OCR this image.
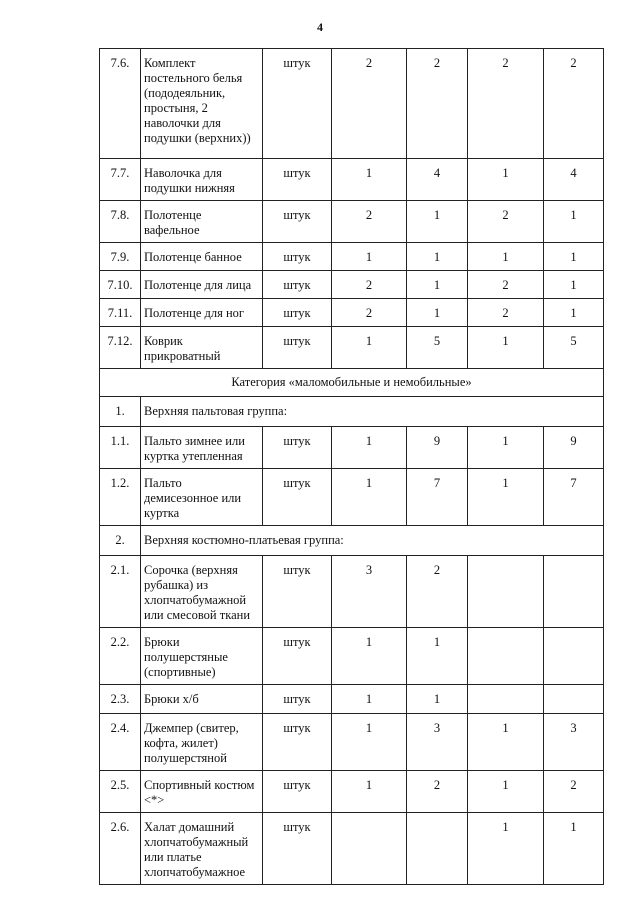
4
7.6.	Комплект постельного белья (пододеяльник, простыня, 2 наволочки для подушки (верхних))	штук	2	2	2	2
7.7.	Наволочка для подушки нижняя	штук	1	4	1	4
7.8.	Полотенце вафельное	штук	2	1	2	1
7.9.	Полотенце банное	штук	1	1	1	1
7.10.	Полотенце для лица	штук	2	1	2	1
7.11.	Полотенце для ног	штук	2	1	2	1
7.12.	Коврик прикроватный	штук	1	5	1	5
Категория «маломобильные и немобильные»						
1.	Верхняя пальтовая группа:					
1.1.	Пальто зимнее или куртка утепленная	штук	1	9	1	9
1.2.	Пальто демисезонное или куртка	штук	1	7	1	7
2.	Верхняя костюмно-платьевая группа:					
2.1.	Сорочка (верхняя рубашка) из хлопчатобумажной или смесовой ткани	штук	3	2		
2.2.	Брюки полушерстяные (спортивные)	штук	1	1		
2.3.	Брюки х/б	штук	1	1		
2.4.	Джемпер (свитер, кофта, жилет) полушерстяной	штук	1	3	1	3
2.5.	Спортивный костюм <*>	штук	1	2	1	2
2.6.	Халат домашний хлопчатобумажный или платье хлопчатобумажное	штук			1	1
